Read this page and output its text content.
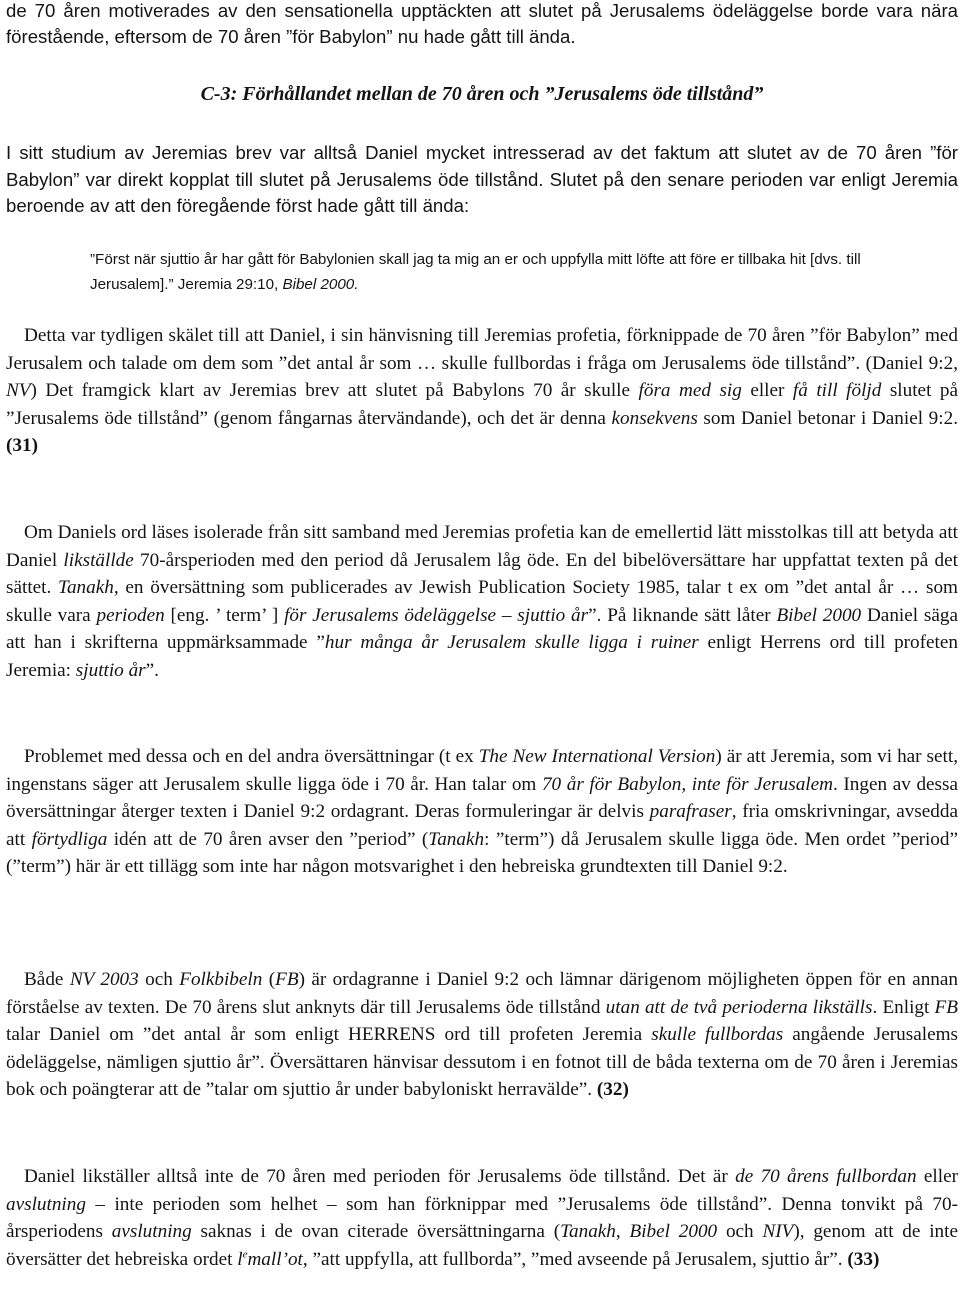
de 70 åren motiverades av den sensationella upptäckten att slutet på Jerusalems ödeläggelse borde vara nära förestående, eftersom de 70 åren ”för Babylon” nu hade gått till ända.

C-3: Förhållandet mellan de 70 åren och ”Jerusalems öde tillstånd”

I sitt studium av Jeremias brev var alltså Daniel mycket intresserad av det faktum att slutet av de 70 åren ”för Babylon” var direkt kopplat till slutet på Jerusalems öde tillstånd. Slutet på den senare perioden var enligt Jeremia beroende av att den föregående först hade gått till ända:

”Först när sjuttio år har gått för Babylonien skall jag ta mig an er och uppfylla mitt löfte att före er tillbaka hit [dvs. till Jerusalem].” Jeremia 29:10, Bibel 2000.

Detta var tydligen skälet till att Daniel, i sin hänvisning till Jeremias profetia, förknippade de 70 åren ”för Babylon” med Jerusalem och talade om dem som ”det antal år som … skulle fullbordas i fråga om Jerusalems öde tillstånd”. (Daniel 9:2, NV) Det framgick klart av Jeremias brev att slutet på Babylons 70 år skulle föra med sig eller få till följd slutet på ”Jerusalems öde tillstånd” (genom fångarnas återvändande), och det är denna konsekvens som Daniel betonar i Daniel 9:2. (31)

Om Daniels ord läses isolerade från sitt samband med Jeremias profetia kan de emellertid lätt misstolkas till att betyda att Daniel likställde 70-årsperioden med den period då Jerusalem låg öde. En del bibelöversättare har uppfattat texten på det sättet. Tanakh, en översättning som publicerades av Jewish Publication Society 1985, talar t ex om ”det antal år … som skulle vara perioden [eng. ’ term’ ] för Jerusalems ödeläggelse – sjuttio år”. På liknande sätt låter Bibel 2000 Daniel säga att han i skrifterna uppmärksammade ”hur många år Jerusalem skulle ligga i ruiner enligt Herrens ord till profeten Jeremia: sjuttio år”.

Problemet med dessa och en del andra översättningar (t ex The New International Version) är att Jeremia, som vi har sett, ingenstans säger att Jerusalem skulle ligga öde i 70 år. Han talar om 70 år för Babylon, inte för Jerusalem. Ingen av dessa översättningar återger texten i Daniel 9:2 ordagrant. Deras formuleringar är delvis parafraser, fria omskrivningar, avsedda att förtydliga idén att de 70 åren avser den ”period” (Tanakh: ”term”) då Jerusalem skulle ligga öde. Men ordet ”period” (”term”) här är ett tillägg som inte har någon motsvarighet i den hebreiska grundtexten till Daniel 9:2.

Både NV 2003 och Folkbibeln (FB) är ordagranne i Daniel 9:2 och lämnar därigenom möjligheten öppen för en annan förståelse av texten. De 70 årens slut anknyts där till Jerusalems öde tillstånd utan att de två perioderna likställs. Enligt FB talar Daniel om ”det antal år som enligt HERRENS ord till profeten Jeremia skulle fullbordas angående Jerusalems ödeläggelse, nämligen sjuttio år”. Översättaren hänvisar dessutom i en fotnot till de båda texterna om de 70 åren i Jeremias bok och poängterar att de ”talar om sjuttio år under babyloniskt herravälde”. (32)

Daniel likställer alltså inte de 70 åren med perioden för Jerusalems öde tillstånd. Det är de 70 årens fullbordan eller avslutning – inte perioden som helhet – som han förknippar med ”Jerusalems öde tillstånd”. Denna tonvikt på 70-årsperiodens avslutning saknas i de ovan citerade översättningarna (Tanakh, Bibel 2000 och NIV), genom att de inte översätter det hebreiska ordet $l^emall’ot$, ”att uppfylla, att fullborda”, ”med avseende på Jerusalem, sjuttio år”. (33)
